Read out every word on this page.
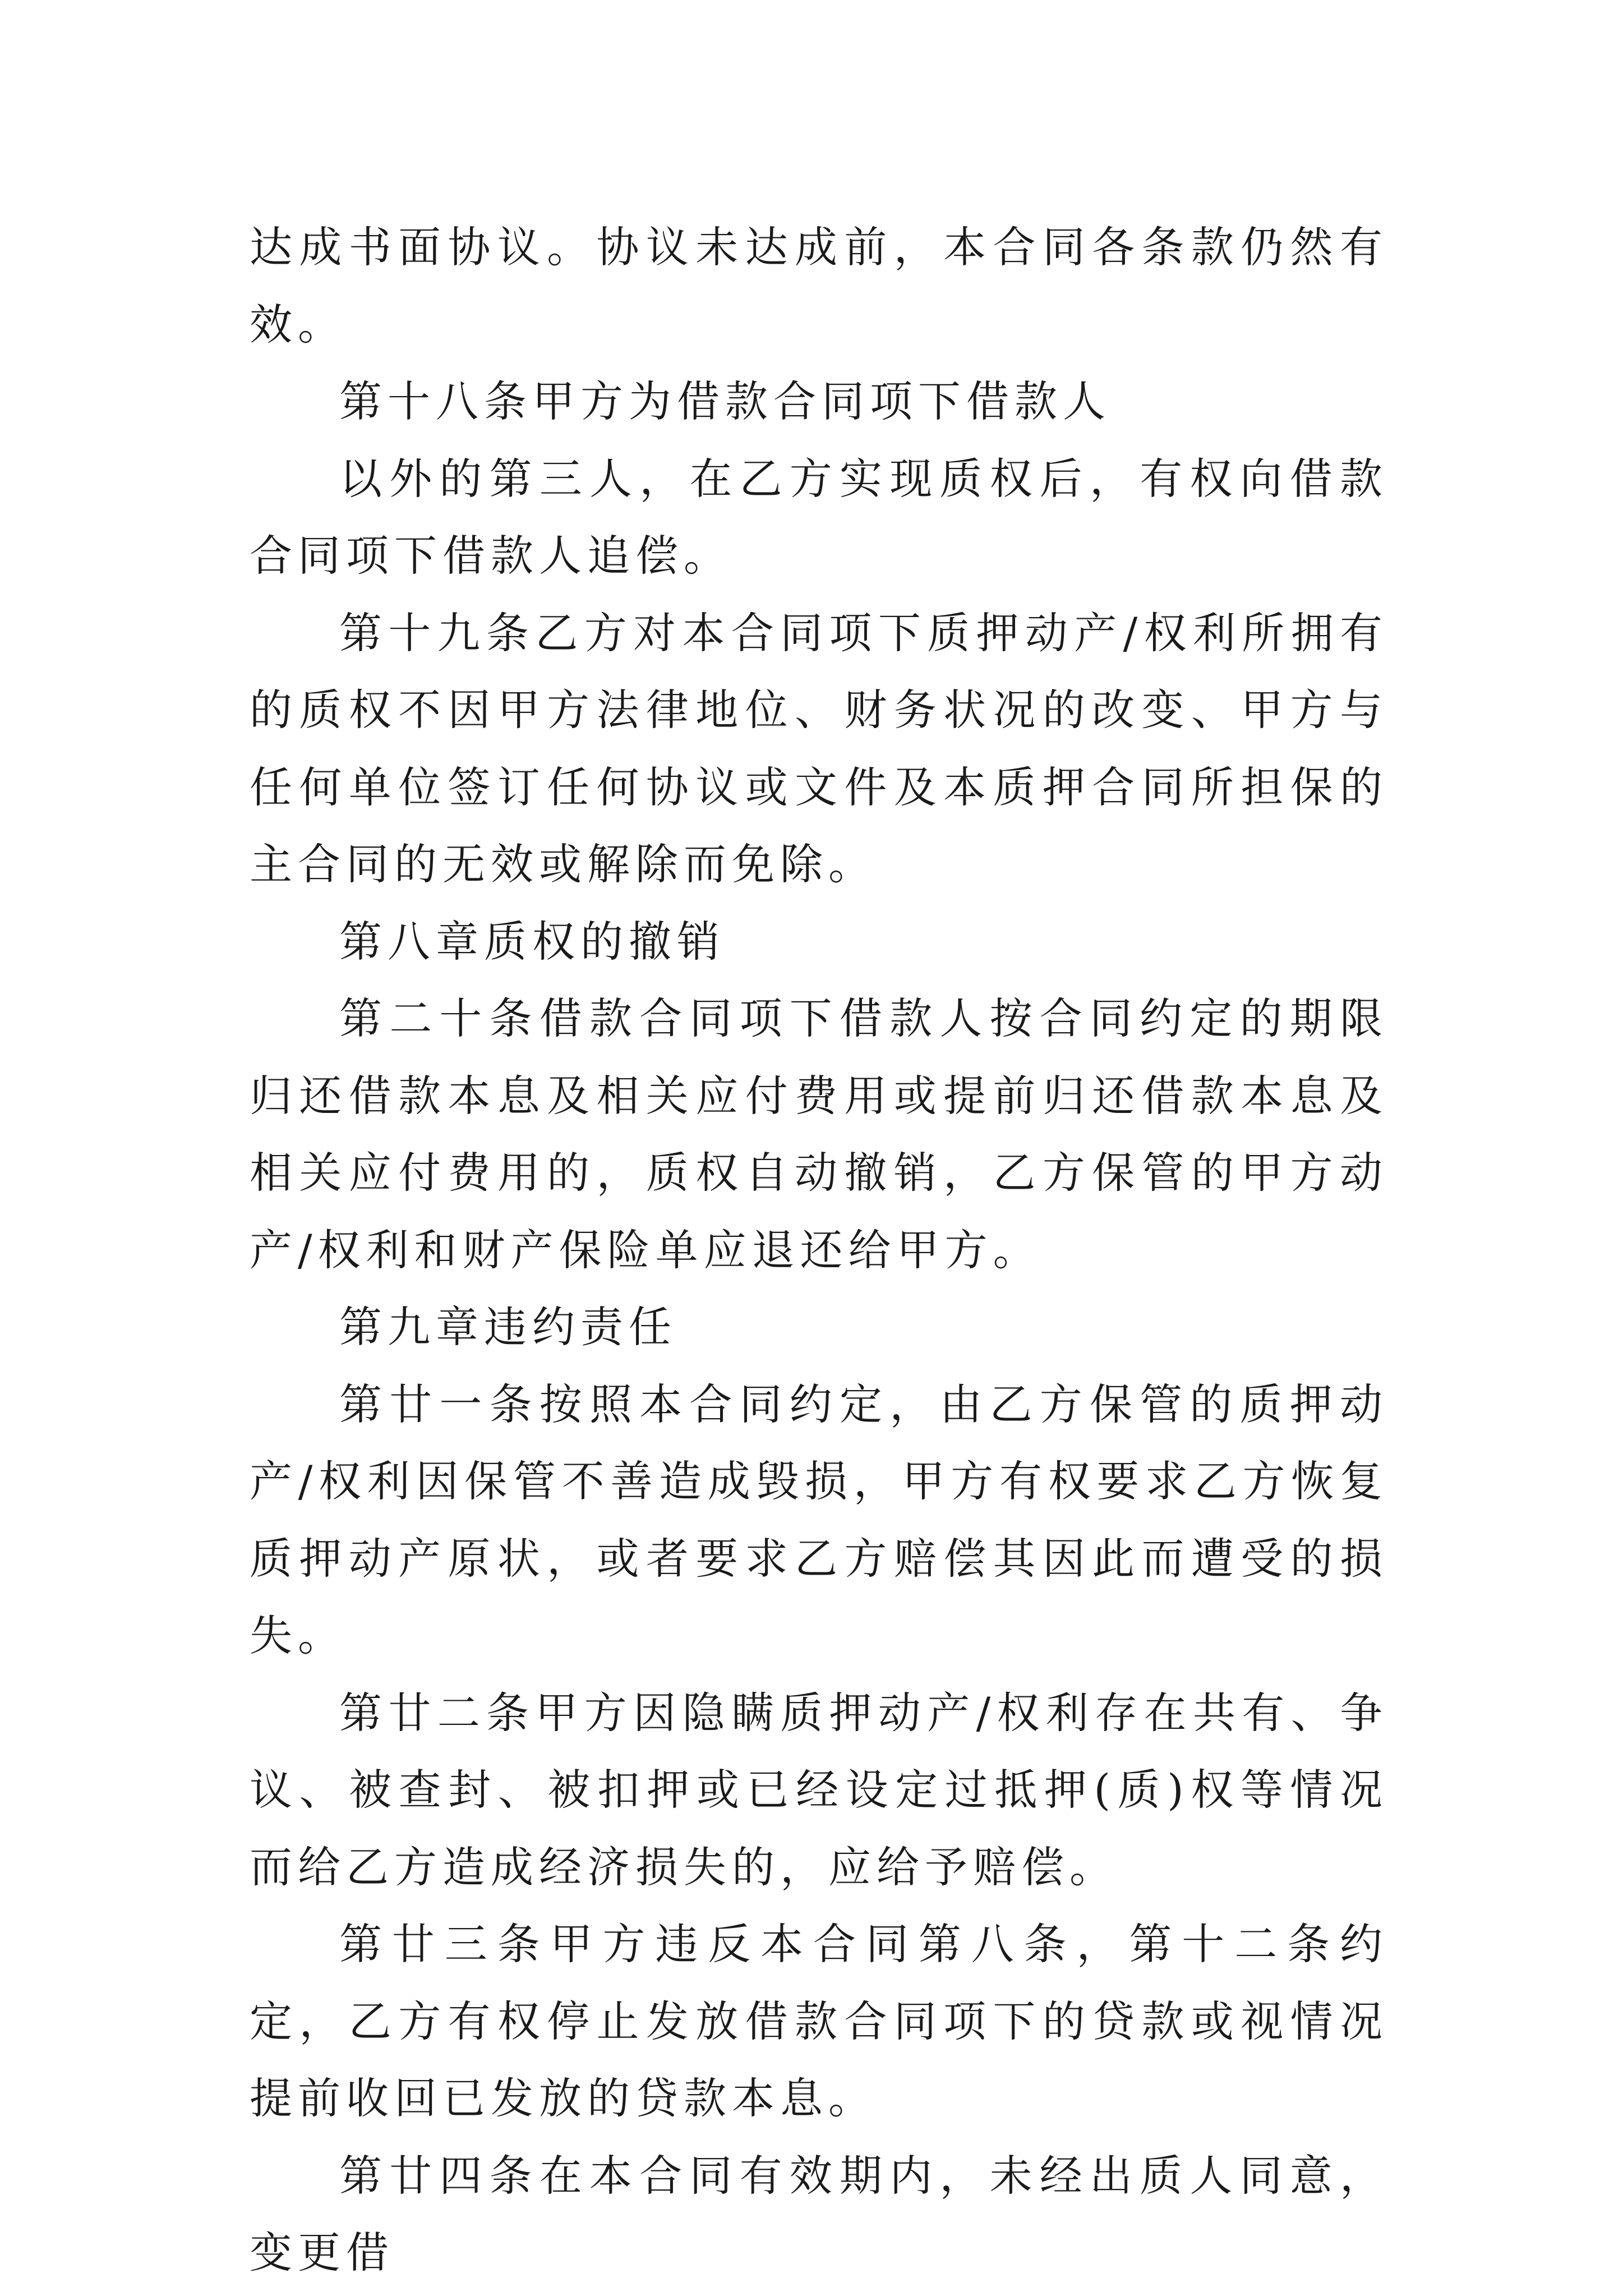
达成书面协议。协议未达成前，本合同各条款仍然有效。

第十八条甲方为借款合同项下借款人

以外的第三人，在乙方实现质权后，有权向借款合同项下借款人追偿。

第十九条乙方对本合同项下质押动产/权利所拥有的质权不因甲方法律地位、财务状况的改变、甲方与任何单位签订任何协议或文件及本质押合同所担保的主合同的无效或解除而免除。

第八章质权的撤销

第二十条借款合同项下借款人按合同约定的期限归还借款本息及相关应付费用或提前归还借款本息及相关应付费用的，质权自动撤销，乙方保管的甲方动产/权利和财产保险单应退还给甲方。

第九章违约责任

第廿一条按照本合同约定，由乙方保管的质押动产/权利因保管不善造成毁损，甲方有权要求乙方恢复质押动产原状，或者要求乙方赔偿其因此而遭受的损失。

第廿二条甲方因隐瞒质押动产/权利存在共有、争议、被查封、被扣押或已经设定过抵押(质)权等情况而给乙方造成经济损失的，应给予赔偿。

第廿三条甲方违反本合同第八条，第十二条约定，乙方有权停止发放借款合同项下的贷款或视情况提前收回已发放的贷款本息。

第廿四条在本合同有效期内，未经出质人同意，变更借
